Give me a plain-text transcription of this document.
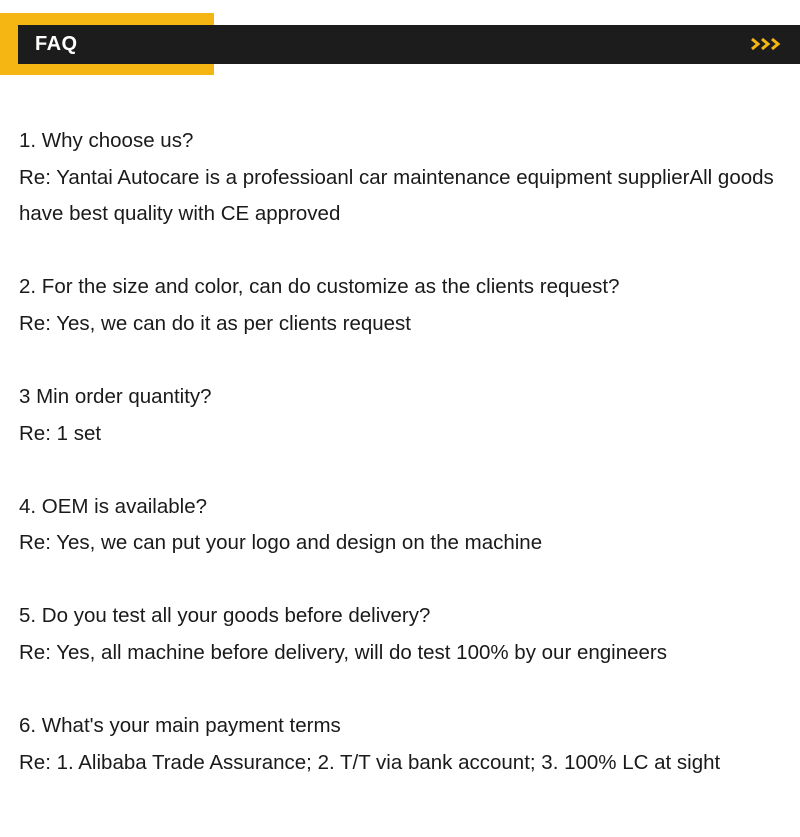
FAQ
1. Why choose us?
Re: Yantai Autocare is a professioanl car maintenance equipment supplierAll goods have best quality with CE approved
2. For the size and color, can do customize as the clients request?
Re: Yes, we can do it as per clients request
3 Min order quantity?
Re: 1 set
4. OEM is available?
Re: Yes, we can put your logo and design on the machine
5. Do you test all your goods before delivery?
Re: Yes, all machine before delivery, will do test 100% by our engineers
6. What's your main payment terms
Re: 1. Alibaba Trade Assurance; 2. T/T via bank account; 3. 100% LC at sight
